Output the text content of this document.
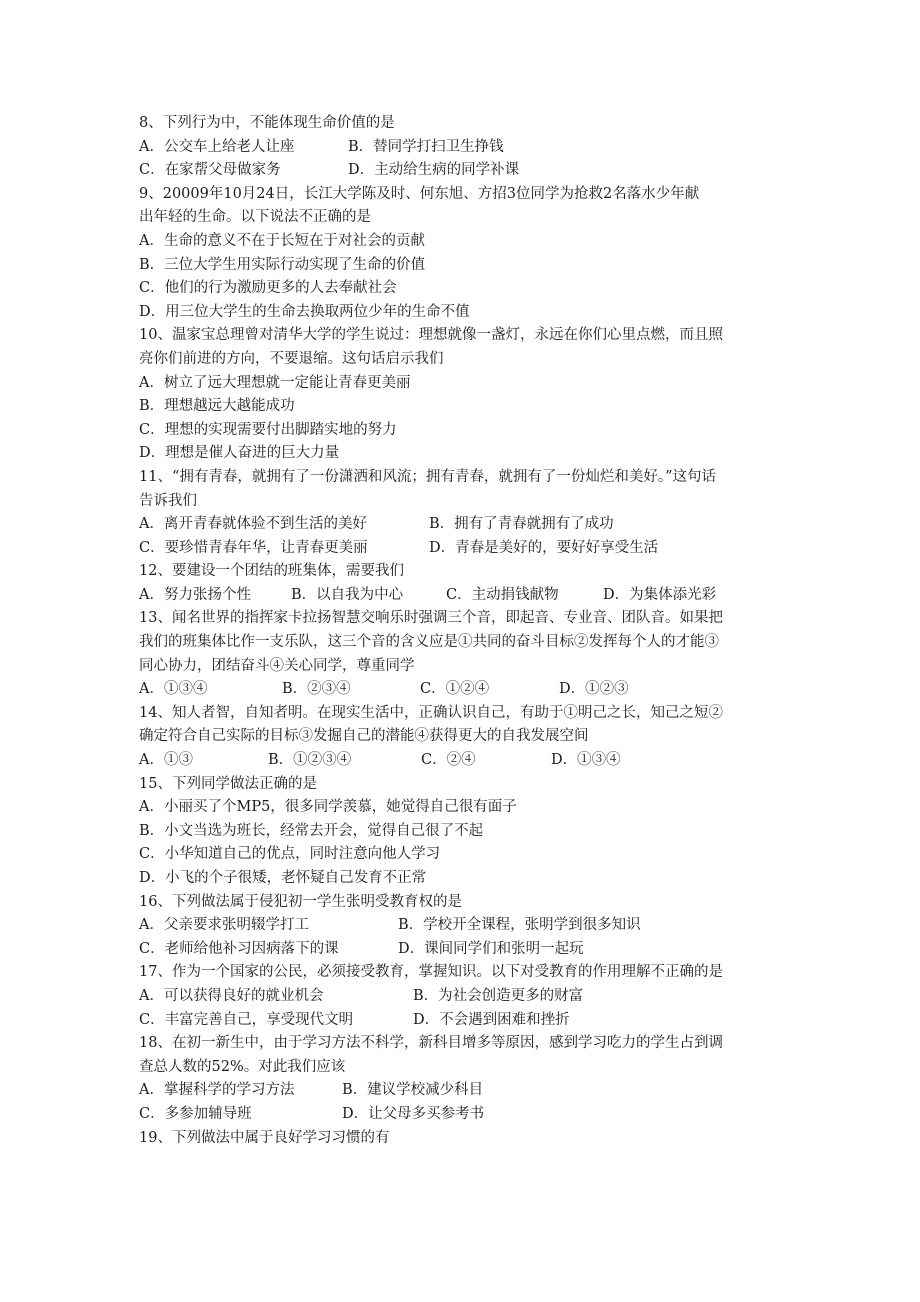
8、下列行为中，不能体现生命价值的是
A．公交车上给老人让座	B．替同学打扫卫生挣钱
C．在家帮父母做家务	D．主动给生病的同学补课
9、20009年10月24日，长江大学陈及时、何东旭、方招3位同学为抢救2名落水少年献
出年轻的生命。以下说法不正确的是
A．生命的意义不在于长短在于对社会的贡献
B．三位大学生用实际行动实现了生命的价值
C．他们的行为激励更多的人去奉献社会
D．用三位大学生的生命去换取两位少年的生命不值
10、温家宝总理曾对清华大学的学生说过：理想就像一盏灯，永远在你们心里点燃，而且照
亮你们前进的方向，不要退缩。这句话启示我们
A．树立了远大理想就一定能让青春更美丽
B．理想越远大越能成功
C．理想的实现需要付出脚踏实地的努力
D．理想是催人奋进的巨大力量
11、“拥有青春，就拥有了一份潇洒和风流；拥有青春，就拥有了一份灿烂和美好。”这句话
告诉我们
A．离开青春就体验不到生活的美好	B．拥有了青春就拥有了成功
C．要珍惜青春年华，让青春更美丽	D．青春是美好的，要好好享受生活
12、要建设一个团结的班集体，需要我们
A．努力张扬个性	B．以自我为中心	C．主动捐钱献物	D．为集体添光彩
13、闻名世界的指挥家卡拉扬智慧交响乐时强调三个音，即起音、专业音、团队音。如果把
我们的班集体比作一支乐队，这三个音的含义应是①共同的奋斗目标②发挥每个人的才能③
同心协力，团结奋斗④关心同学，尊重同学
A．①③④	B．②③④	C．①②④	D．①②③
14、知人者智，自知者明。在现实生活中，正确认识自己，有助于①明己之长，知己之短②
确定符合自己实际的目标③发掘自己的潜能④获得更大的自我发展空间
A．①③	B．①②③④	C．②④	D．①③④
15、下列同学做法正确的是
A．小丽买了个MP5，很多同学羡慕，她觉得自己很有面子
B．小文当选为班长，经常去开会，觉得自己很了不起
C．小华知道自己的优点，同时注意向他人学习
D．小飞的个子很矮，老怀疑自己发育不正常
16、下列做法属于侵犯初一学生张明受教育权的是
A．父亲要求张明辍学打工	B．学校开全课程，张明学到很多知识
C．老师给他补习因病落下的课	D．课间同学们和张明一起玩
17、作为一个国家的公民，必须接受教育，掌握知识。以下对受教育的作用理解不正确的是
A．可以获得良好的就业机会	B．为社会创造更多的财富
C．丰富完善自己，享受现代文明	D．不会遇到困难和挫折
18、在初一新生中，由于学习方法不科学，新科目增多等原因，感到学习吃力的学生占到调
查总人数的52%。对此我们应该
A．掌握科学的学习方法	B．建议学校减少科目
C．多参加辅导班	D．让父母多买参考书
19、下列做法中属于良好学习习惯的有
